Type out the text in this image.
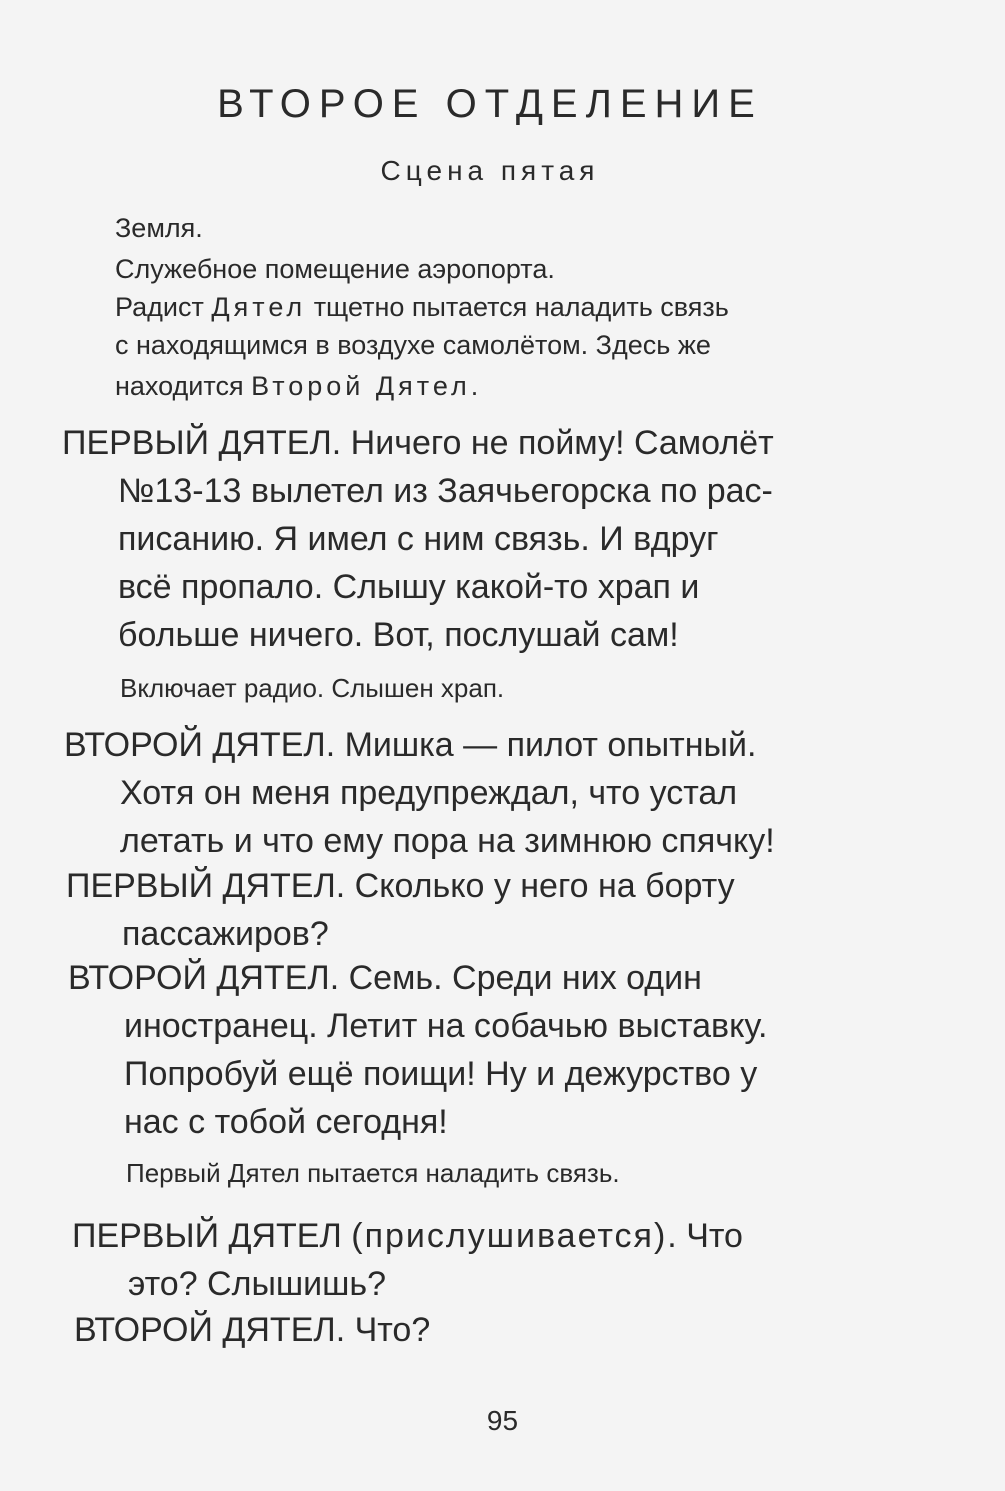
ВТОРОЕ ОТДЕЛЕНИЕ
Сцена пятая
Земля.
Служебное помещение аэропорта.
Радист Дятел тщетно пытается наладить связь
с находящимся в воздухе самолётом. Здесь же
находится Второй Дятел.
ПЕРВЫЙ ДЯТЕЛ. Ничего не пойму! Самолёт
№13-13 вылетел из Заячьегорска по рас-
писанию. Я имел с ним связь. И вдруг
всё пропало. Слышу какой-то храп и
больше ничего. Вот, послушай сам!
Включает радио. Слышен храп.
ВТОРОЙ ДЯТЕЛ. Мишка — пилот опытный.
Хотя он меня предупреждал, что устал
летать и что ему пора на зимнюю спячку!
ПЕРВЫЙ ДЯТЕЛ. Сколько у него на борту
пассажиров?
ВТОРОЙ ДЯТЕЛ. Семь. Среди них один
иностранец. Летит на собачью выставку.
Попробуй ещё поищи! Ну и дежурство у
нас с тобой сегодня!
Первый Дятел пытается наладить связь.
ПЕРВЫЙ ДЯТЕЛ (прислушивается). Что
это? Слышишь?
ВТОРОЙ ДЯТЕЛ. Что?
95
